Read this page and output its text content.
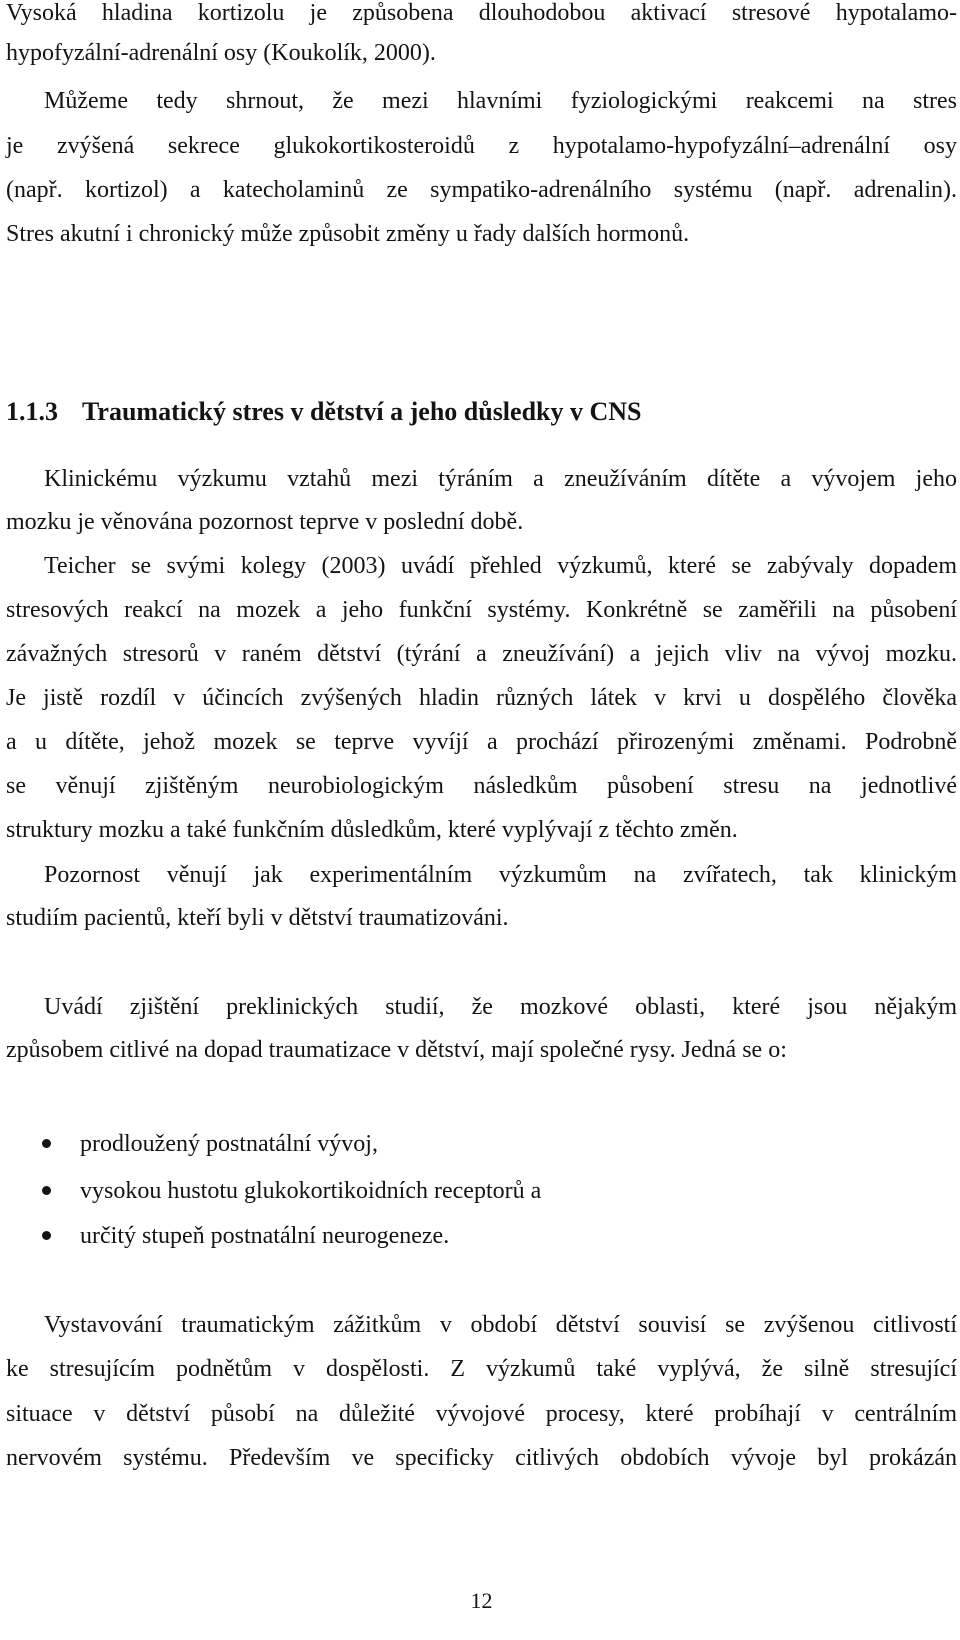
Vysoká hladina kortizolu je způsobena dlouhodobou aktivací stresové hypotalamo-
hypofyzální-adrenální osy (Koukolík, 2000).
Můžeme tedy shrnout, že mezi hlavními fyziologickými reakcemi na stres
je zvýšená sekrece glukokortikosteroidů z hypotalamo-hypofyzální–adrenální osy
(např. kortizol) a katecholaminů ze sympatiko-adrenálního systému (např. adrenalin).
Stres akutní i chronický může způsobit změny u řady dalších hormonů.
1.1.3 Traumatický stres v dětství a jeho důsledky v CNS
Klinickému výzkumu vztahů mezi týráním a zneužíváním dítěte a vývojem jeho
mozku je věnována pozornost teprve v poslední době.
Teicher se svými kolegy (2003) uvádí přehled výzkumů, které se zabývaly dopadem
stresových reakcí na mozek a jeho funkční systémy. Konkrétně se zaměřili na působení
závažných stresorů v raném dětství (týrání a zneužívání) a jejich vliv na vývoj mozku.
Je jistě rozdíl v účincích zvýšených hladin různých látek v krvi u dospělého člověka
a u dítěte, jehož mozek se teprve vyvíjí a prochází přirozenými změnami. Podrobně
se věnují zjištěným neurobiologickým následkům působení stresu na jednotlivé
struktury mozku a také funkčním důsledkům, které vyplývají z těchto změn.
Pozornost věnují jak experimentálním výzkumům na zvířatech, tak klinickým
studiím pacientů, kteří byli v dětství traumatizováni.
Uvádí zjištění preklinických studií, že mozkové oblasti, které jsou nějakým
způsobem citlivé na dopad traumatizace v dětství, mají společné rysy. Jedná se o:
prodloužený postnatální vývoj,
vysokou hustotu glukokortikoidních receptorů a
určitý stupeň postnatální neurogeneze.
Vystavování traumatickým zážitkům v období dětství souvisí se zvýšenou citlivostí
ke stresujícím podnětům v dospělosti. Z výzkumů také vyplývá, že silně stresující
situace v dětství působí na důležité vývojové procesy, které probíhají v centrálním
nervovém systému. Především ve specificky citlivých obdobích vývoje byl prokázán
12
